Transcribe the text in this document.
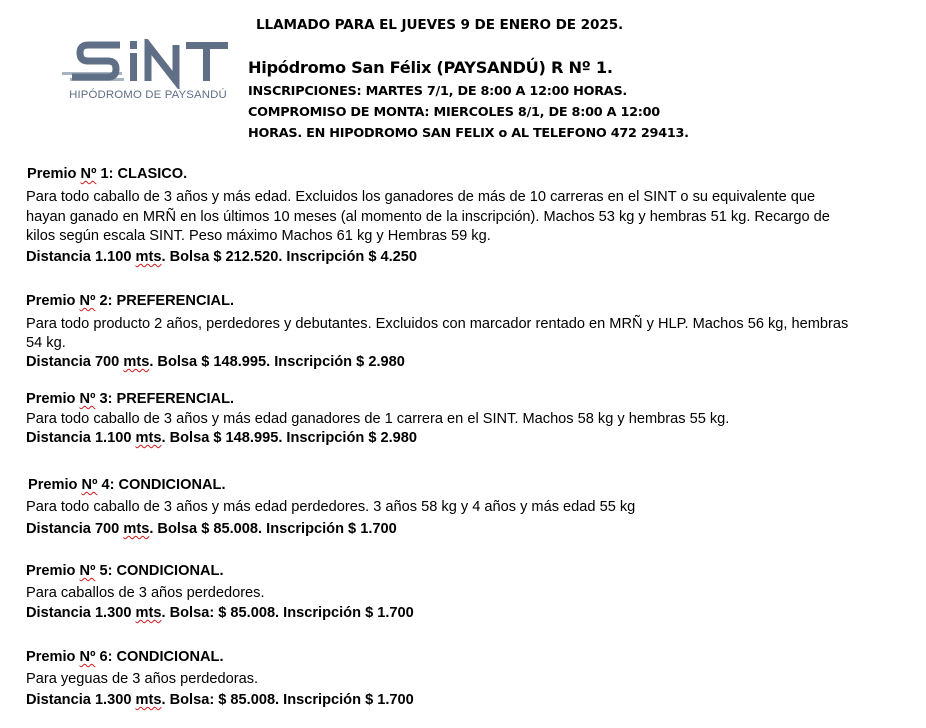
LLAMADO PARA EL JUEVES 9 DE ENERO DE 2025.
HIPÓDROMO DE PAYSANDÚ
Hipódromo San Félix (PAYSANDÚ) R Nº 1.
INSCRIPCIONES: MARTES 7/1, DE 8:00 A 12:00 HORAS.
COMPROMISO DE MONTA: MIERCOLES 8/1, DE 8:00 A 12:00
HORAS. EN HIPODROMO SAN FELIX o AL TELEFONO 472 29413.
Premio Nº 1: CLASICO.
Para todo caballo de 3 años y más edad. Excluidos los ganadores de más de 10 carreras en el SINT o su equivalente que
hayan ganado en MRÑ en los últimos 10 meses (al momento de la inscripción). Machos 53 kg y hembras 51 kg. Recargo de
kilos según escala SINT. Peso máximo Machos 61 kg y Hembras 59 kg.
Distancia 1.100 mts. Bolsa $ 212.520. Inscripción $ 4.250
Premio Nº 2: PREFERENCIAL.
Para todo producto 2 años, perdedores y debutantes. Excluidos con marcador rentado en MRÑ y HLP. Machos 56 kg, hembras
54 kg.
Distancia 700 mts. Bolsa $ 148.995. Inscripción $ 2.980
Premio Nº 3: PREFERENCIAL.
Para todo caballo de 3 años y más edad ganadores de 1 carrera en el SINT. Machos 58 kg y hembras 55 kg.
Distancia 1.100 mts. Bolsa $ 148.995. Inscripción $ 2.980
Premio Nº 4: CONDICIONAL.
Para todo caballo de 3 años y más edad perdedores. 3 años 58 kg y 4 años y más edad 55 kg
Distancia 700 mts. Bolsa $ 85.008. Inscripción $ 1.700
Premio Nº 5: CONDICIONAL.
Para caballos de 3 años perdedores.
Distancia 1.300 mts. Bolsa: $ 85.008. Inscripción $ 1.700
Premio Nº 6: CONDICIONAL.
Para yeguas de 3 años perdedoras.
Distancia 1.300 mts. Bolsa: $ 85.008. Inscripción $ 1.700
